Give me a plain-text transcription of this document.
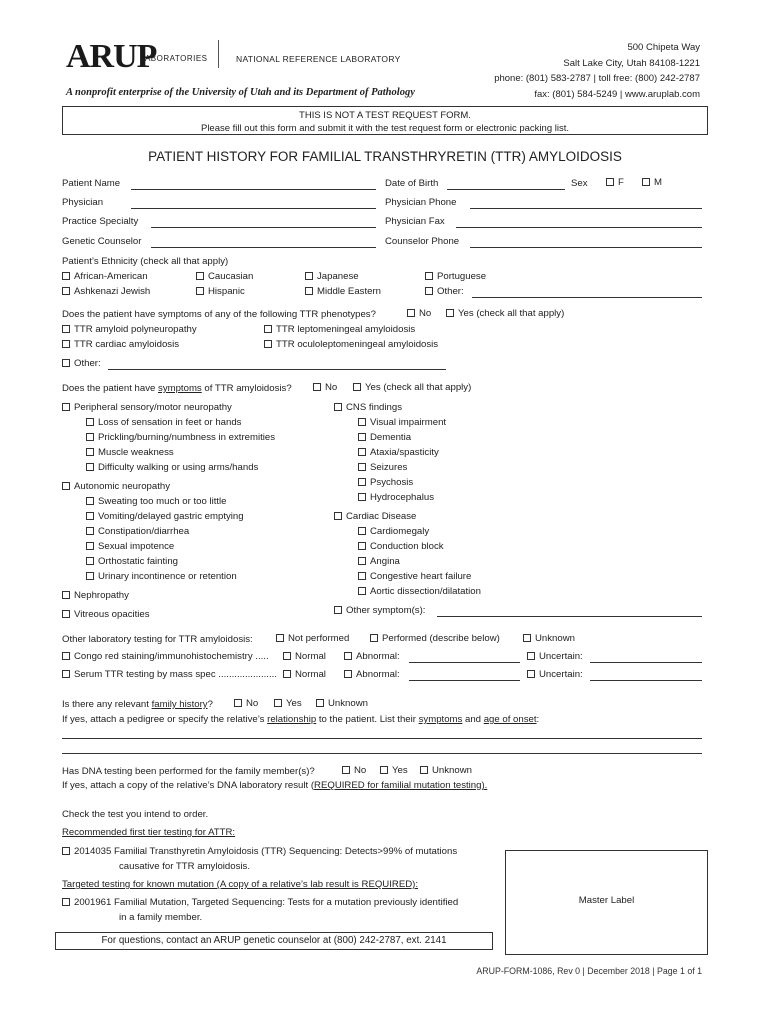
ARUP
LABORATORIES	NATIONAL REFERENCE LABORATORY
A nonprofit enterprise of the University of Utah and its Department of Pathology
500 Chipeta Way
Salt Lake City, Utah 84108-1221
phone: (801) 583-2787 | toll free: (800) 242-2787
fax: (801) 584-5249 | www.aruplab.com
THIS IS NOT A TEST REQUEST FORM.
Please fill out this form and submit it with the test request form or electronic packing list.
PATIENT HISTORY FOR FAMILIAL TRANSTHRYRETIN (TTR) AMYLOIDOSIS
Patient Name	Date of Birth	Sex	F	M
Physician	Physician Phone
Practice Specialty	Physician Fax
Genetic Counselor	Counselor Phone
Patient’s Ethnicity (check all that apply)
African-American	Caucasian	Japanese	Portuguese
Ashkenazi Jewish	Hispanic	Middle Eastern	Other:
Does the patient have symptoms of any of the following TTR phenotypes?	No	Yes (check all that apply)
TTR amyloid polyneuropathy	TTR leptomeningeal amyloidosis
TTR cardiac amyloidosis	TTR oculoleptomeningeal amyloidosis
Other:
Does the patient have symptoms of TTR amyloidosis?	No	Yes (check all that apply)
Peripheral sensory/motor neuropathy
Loss of sensation in feet or hands
Prickling/burning/numbness in extremities
Muscle weakness
Difficulty walking or using arms/hands
Autonomic neuropathy
Sweating too much or too little
Vomiting/delayed gastric emptying
Constipation/diarrhea
Sexual impotence
Orthostatic fainting
Urinary incontinence or retention
Nephropathy
Vitreous opacities
CNS findings
Visual impairment
Dementia
Ataxia/spasticity
Seizures
Psychosis
Hydrocephalus
Cardiac Disease
Cardiomegaly
Conduction block
Angina
Congestive heart failure
Aortic dissection/dilatation
Other symptom(s):
Other laboratory testing for TTR amyloidosis:	Not performed	Performed (describe below)	Unknown
Congo red staining/immunohistochemistry .....	Normal	Abnormal:	Uncertain:
Serum TTR testing by mass spec ......................	Normal	Abnormal:	Uncertain:
Is there any relevant family history?	No	Yes	Unknown
If yes, attach a pedigree or specify the relative’s relationship to the patient. List their symptoms and age of onset:
Has DNA testing been performed for the family member(s)?	No	Yes	Unknown
If yes, attach a copy of the relative’s DNA laboratory result (REQUIRED for familial mutation testing).
Check the test you intend to order.
Recommended first tier testing for ATTR:
2014035 Familial Transthyretin Amyloidosis (TTR) Sequencing: Detects>99% of mutations
causative for TTR amyloidosis.
Targeted testing for known mutation (A copy of a relative’s lab result is REQUIRED):
2001961 Familial Mutation, Targeted Sequencing: Tests for a mutation previously identified
in a family member.
For questions, contact an ARUP genetic counselor at (800) 242-2787, ext. 2141
Master Label
ARUP-FORM-1086, Rev 0 | December 2018 | Page 1 of 1
